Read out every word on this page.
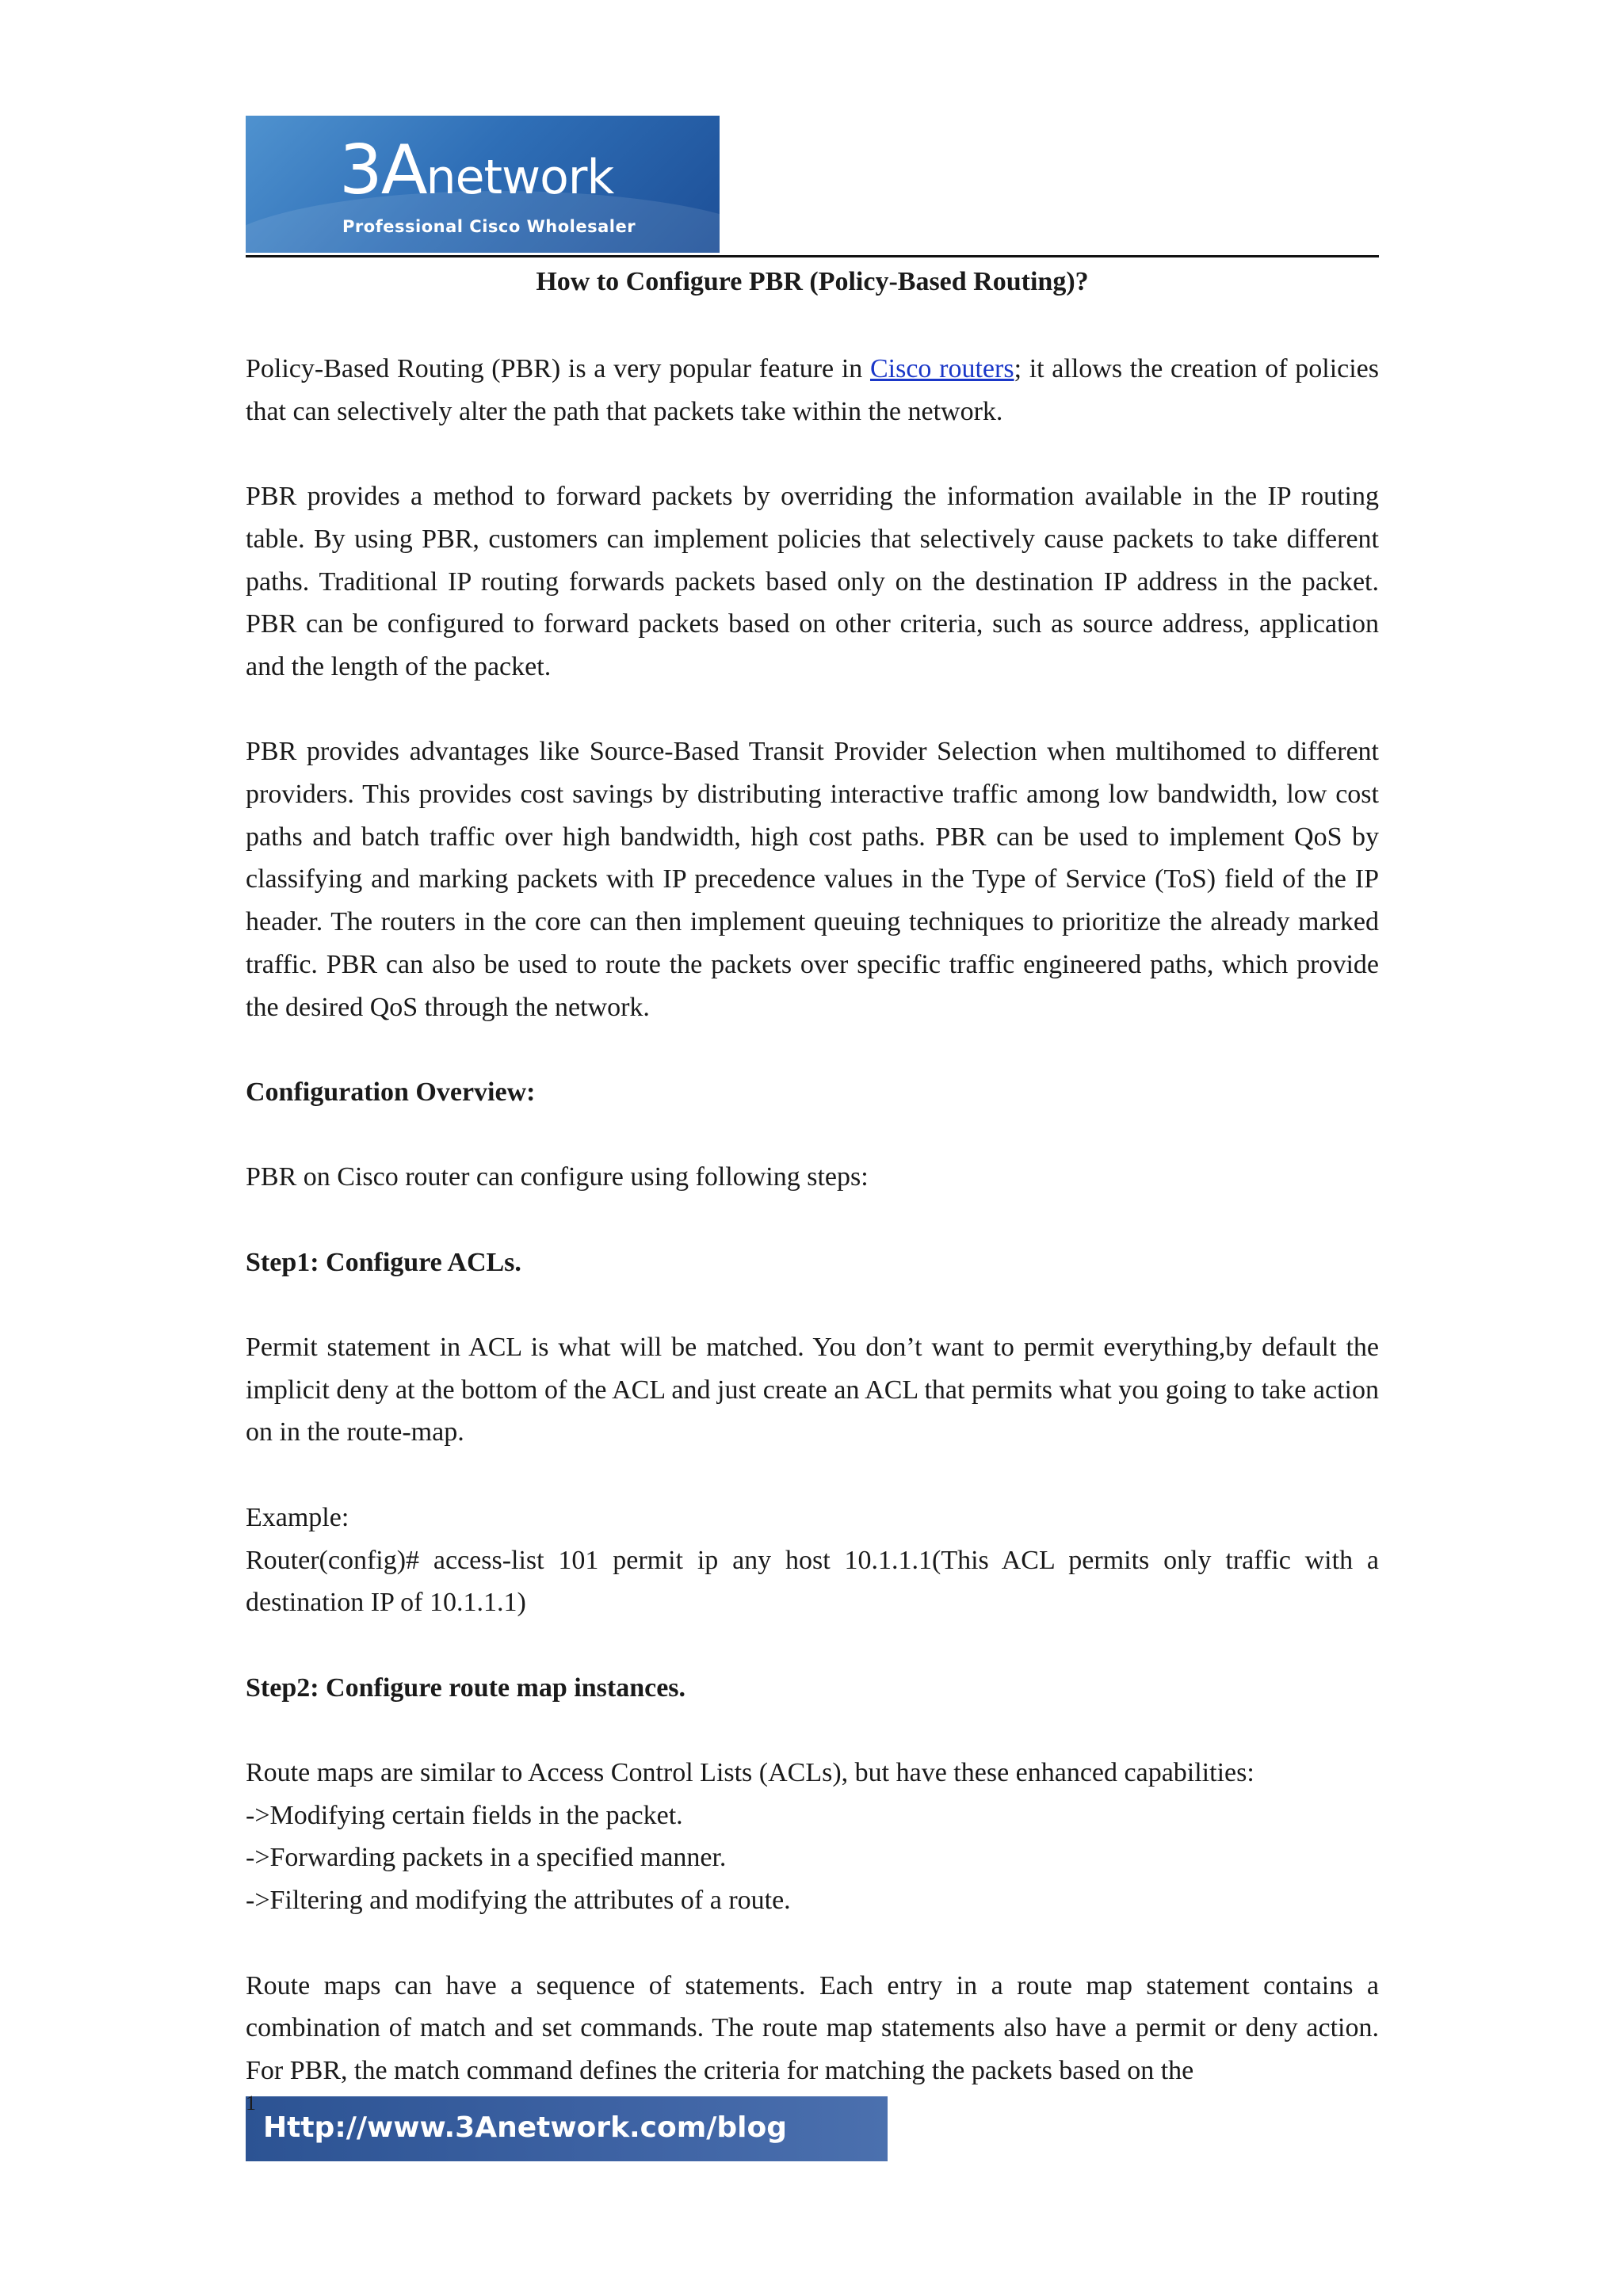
3Anetwork
Professional Cisco Wholesaler
How to Configure PBR (Policy-Based Routing)?

Policy-Based Routing (PBR) is a very popular feature in Cisco routers; it allows the creation of policies that can selectively alter the path that packets take within the network.

PBR provides a method to forward packets by overriding the information available in the IP routing table. By using PBR, customers can implement policies that selectively cause packets to take different paths. Traditional IP routing forwards packets based only on the destination IP address in the packet. PBR can be configured to forward packets based on other criteria, such as source address, application and the length of the packet.

PBR provides advantages like Source-Based Transit Provider Selection when multihomed to different providers. This provides cost savings by distributing interactive traffic among low bandwidth, low cost paths and batch traffic over high bandwidth, high cost paths. PBR can be used to implement QoS by classifying and marking packets with IP precedence values in the Type of Service (ToS) field of the IP header. The routers in the core can then implement queuing techniques to prioritize the already marked traffic. PBR can also be used to route the packets over specific traffic engineered paths, which provide the desired QoS through the network.

Configuration Overview:

PBR on Cisco router can configure using following steps:

Step1: Configure ACLs.

Permit statement in ACL is what will be matched. You don’t want to permit everything,by default the implicit deny at the bottom of the ACL and just create an ACL that permits what you going to take action on in the route-map.

Example:

Router(config)# access-list 101 permit ip any host 10.1.1.1(This ACL permits only traffic with a destination IP of 10.1.1.1)

Step2: Configure route map instances.

Route maps are similar to Access Control Lists (ACLs), but have these enhanced capabilities:

->Modifying certain fields in the packet.

->Forwarding packets in a specified manner.

->Filtering and modifying the attributes of a route.

Route maps can have a sequence of statements. Each entry in a route map statement contains a combination of match and set commands. The route map statements also have a permit or deny action. For PBR, the match command defines the criteria for matching the packets based on the

Http://www.3Anetwork.com/blog
1
